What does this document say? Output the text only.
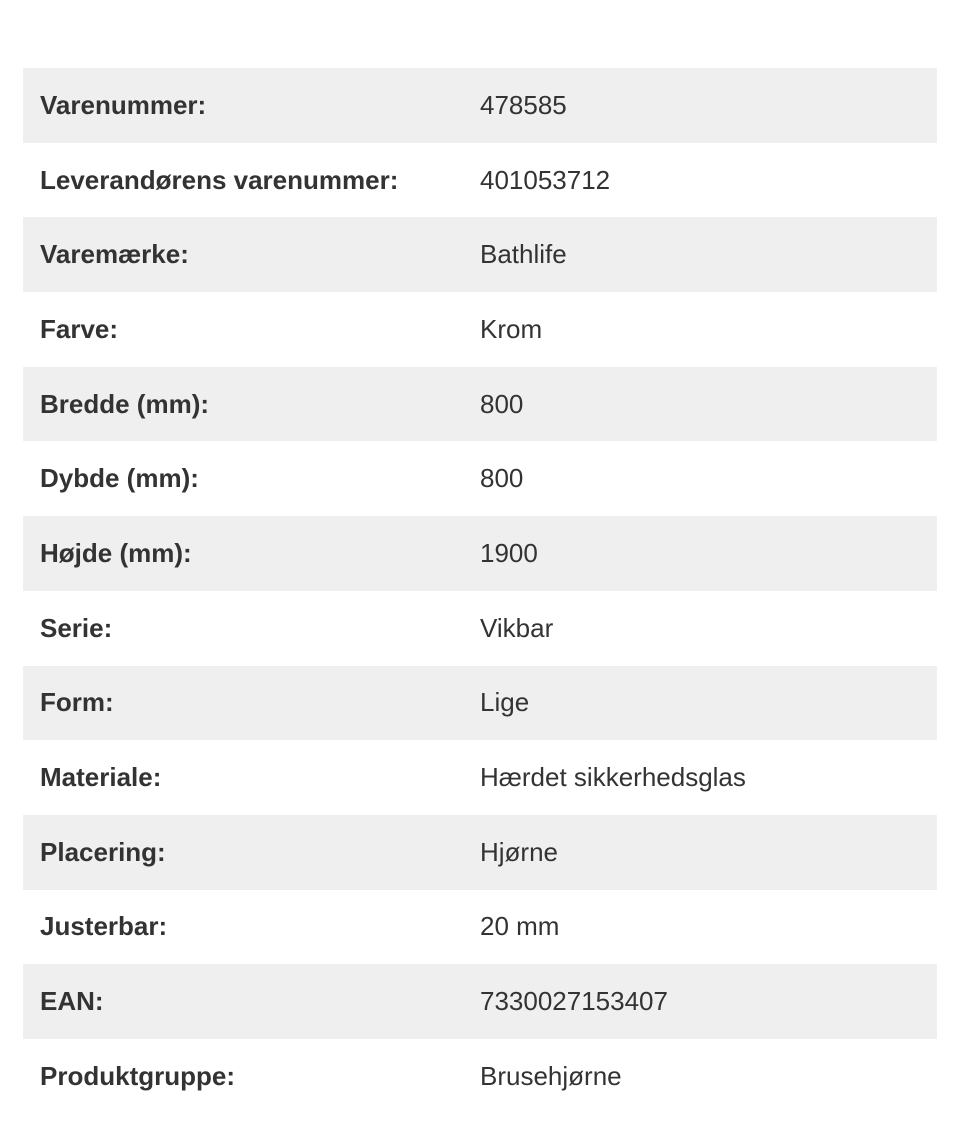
Varenummer:	478585
Leverandørens varenummer:	401053712
Varemærke:	Bathlife
Farve:	Krom
Bredde (mm):	800
Dybde (mm):	800
Højde (mm):	1900
Serie:	Vikbar
Form:	Lige
Materiale:	Hærdet sikkerhedsglas
Placering:	Hjørne
Justerbar:	20 mm
EAN:	7330027153407
Produktgruppe:	Brusehjørne
